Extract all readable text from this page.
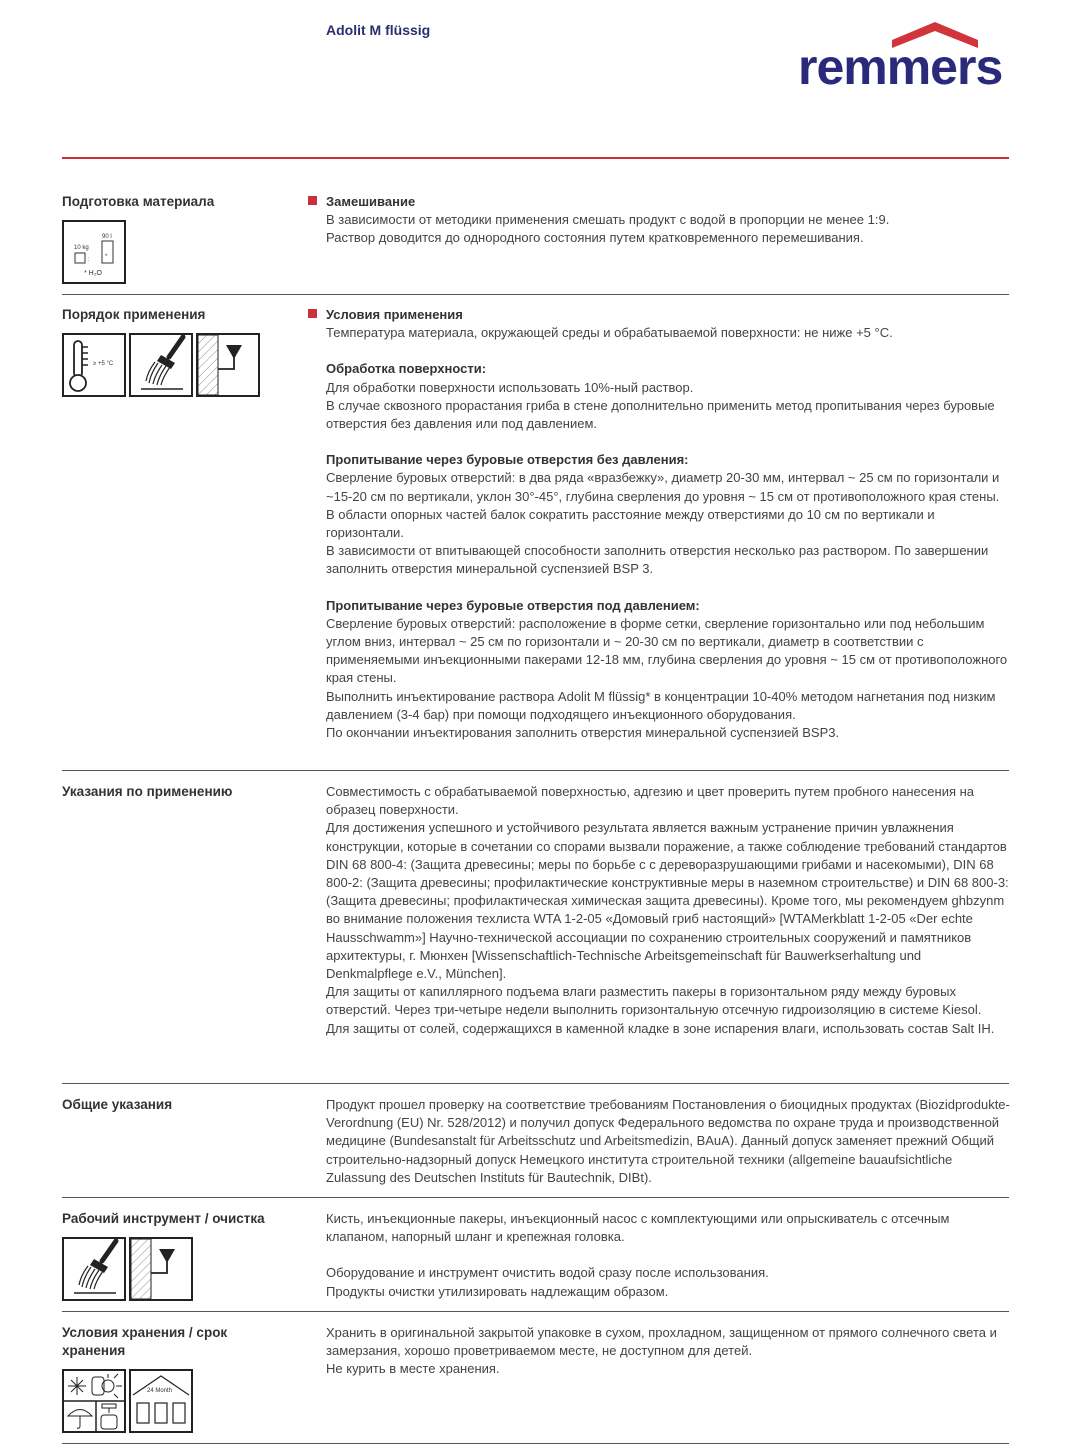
Adolit M flüssig
remmers
Подготовка материала
10 kg
:
90 l
*
* H₂O

Замешивание

В зависимости от методики применения смешать продукт с водой в пропорции не менее 1:9.

Раствор доводится до однородного состояния путем кратковременного перемешивания.

Порядок применения
≥ +5 °C

Условия применения

Температура материала, окружающей среды и обрабатываемой поверхности: не ниже +5 °C.

Обработка поверхности:

Для обработки поверхности использовать 10%-ный раствор.

В случае сквозного прорастания гриба в стене дополнительно применить метод пропитывания через буровые отверстия без давления или под давлением.

Пропитывание через буровые отверстия без давления:

Сверление буровых отверстий: в два ряда «вразбежку», диаметр 20-30 мм, интервал ~ 25 см по горизонтали и ~15-20 см по вертикали, уклон 30°-45°, глубина сверления до уровня ~ 15 см от противоположного края стены.

В области опорных частей балок сократить расстояние между отверстиями до 10 см по вертикали и горизонтали.

В зависимости от впитывающей способности заполнить отверстия несколько раз раствором. По завершении заполнить отверстия минеральной суспензией BSP 3.

Пропитывание через буровые отверстия под давлением:

Сверление буровых отверстий: расположение в форме сетки, сверление горизонтально или под небольшим углом вниз, интервал ~ 25 см по горизонтали и ~ 20-30 см по вертикали, диаметр в соответствии с применяемыми инъекционными пакерами 12-18 мм, глубина сверления до уровня ~ 15 см от противоположного края стены.

Выполнить инъектирование раствора Adolit M flüssig* в концентрации 10-40% методом нагнетания под низким давлением (3-4 бар) при помощи подходящего инъекционного оборудования.

По окончании инъектирования заполнить отверстия минеральной суспензией BSP3.

Указания по применению	Совместимость с обрабатываемой поверхностью, адгезию и цвет проверить путем пробного нанесения на образец поверхности.

Для достижения успешного и устойчивого результата является важным устранение причин увлажнения конструкции, которые в сочетании со спорами вызвали поражение, а также соблюдение требований стандартов DIN 68 800-4: (Защита древесины; меры по борьбе с с дереворазрушающими грибами и насекомыми), DIN 68 800-2: (Защита древесины; профилактические конструктивные меры в наземном строительстве) и DIN 68 800-3: (Защита древесины; профилактическая химическая защита древесины). Кроме того, мы рекомендуем ghbzynm во внимание положения техлиста WTA 1-2-05 «Домовый гриб настоящий» [WTAMerkblatt 1-2-05 «Der echte Hausschwamm»] Научно-технической ассоциации по сохранению строительных сооружений и памятников архитектуры, г. Мюнхен [Wissenschaftlich-Technische Arbeitsgemeinschaft für Bauwerkserhaltung und Denkmalpflege e.V., München].

Для защиты от капиллярного подъема влаги разместить пакеры в горизонтальном ряду между буровых отверстий. Через три-четыре недели выполнить горизонтальную отсечную гидроизоляцию в системе Kiesol.

Для защиты от солей, содержащихся в каменной кладке в зоне испарения влаги, использовать состав Salt IH.

Общие указания	Продукт прошел проверку на соответствие требованиям Постановления о биоцидных продуктах (Biozidprodukte-Verordnung (EU) Nr. 528/2012) и получил допуск Федерального ведомства по охране труда и производственной медицине (Bundesanstalt für Arbeitsschutz und Arbeitsmedizin, BAuA). Данный допуск заменяет прежний Общий строительно-надзорный допуск Немецкого института строительной техники (allgemeine bauaufsichtliche Zulassung des Deutschen Instituts für Bautechnik, DIBt).

Рабочий инструмент / очистка	Кисть, инъекционные пакеры, инъекционный насос с комплектующими или опрыскиватель с отсечным клапаном, напорный шланг и крепежная головка.

Оборудование и инструмент очистить водой сразу после использования.

Продукты очистки утилизировать надлежащим образом.

Условия хранения / срок хранения
24 Month

Хранить в оригинальной закрытой упаковке в сухом, прохладном, защищенном от прямого солнечного света и замерзания, хорошо проветриваемом месте, не доступном для детей.

Не курить в месте хранения.
